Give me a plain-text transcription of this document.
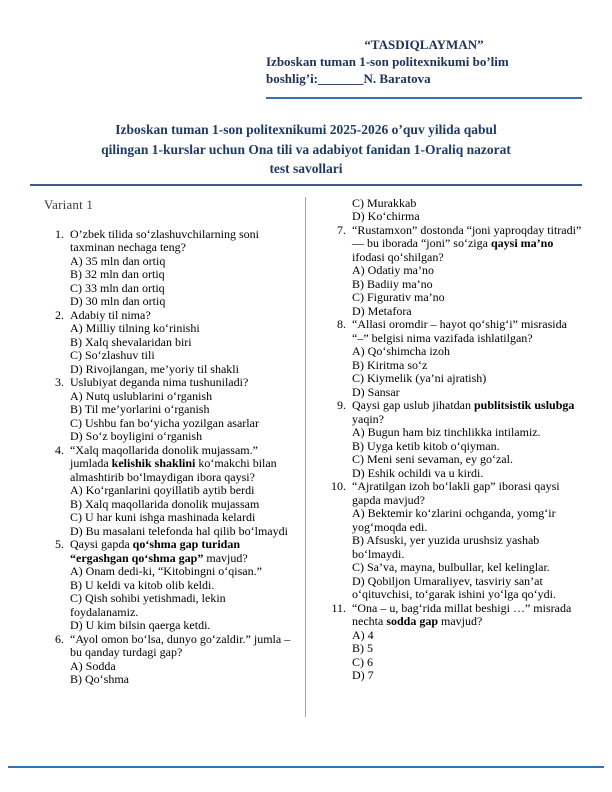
“TASDIQLAYMAN”
Izboskan tuman 1-son politexnikumi bo’lim
boshlig’i:_______N. Baratova
Izboskan tuman 1-son politexnikumi 2025-2026 o’quv yilida qabul
qilingan 1-kurslar uchun Ona tili va adabiyot fanidan 1-Oraliq nazorat
test savollari
Variant 1
1. O’zbek tilida so‘zlashuvchilarning soni taxminan nechaga teng?
A) 35 mln dan ortiq
B) 32 mln dan ortiq
C) 33 mln dan ortiq
D) 30 mln dan ortiq
2. Adabiy til nima?
A) Milliy tilning ko‘rinishi
B) Xalq shevalaridan biri
C) So‘zlashuv tili
D) Rivojlangan, me’yoriy til shakli
3. Uslubiyat deganda nima tushuniladi?
A) Nutq uslublarini o‘rganish
B) Til me’yorlarini o‘rganish
C) Ushbu fan bo‘yicha yozilgan asarlar
D) So‘z boyligini o‘rganish
4. “Xalq maqollarida donolik mujassam.” jumlada kelishik shaklini ko‘makchi bilan almashtirib bo‘lmaydigan ibora qaysi?
A) Ko‘rganlarini qoyillatib aytib berdi
B) Xalq maqollarida donolik mujassam
C) U har kuni ishga mashinada kelardi
D) Bu masalani telefonda hal qilib bo‘lmaydi
5. Qaysi gapda qo‘shma gap turidan “ergashgan qo‘shma gap” mavjud?
A) Onam dedi-ki, “Kitobingni o‘qisan.”
B) U keldi va kitob olib keldi.
C) Qish sohibi yetishmadi, lekin foydalanamiz.
D) U kim bilsin qaerga ketdi.
6. “Ayol omon bo‘lsa, dunyo go‘zaldir.” jumla – bu qanday turdagi gap?
A) Sodda
B) Qo‘shma
C) Murakkab
D) Ko‘chirma
7. “Rustamxon” dostonda “joni yaproqday titradi” — bu iborada “joni” so‘ziga qaysi ma’no ifodasi qo‘shilgan?
A) Odatiy ma’no
B) Badiiy ma’no
C) Figurativ ma’no
D) Metafora
8. “Allasi oromdir – hayot qo‘shig‘i” misrasida “–” belgisi nima vazifada ishlatilgan?
A) Qo‘shimcha izoh
B) Kiritma so‘z
C) Kiymelik (ya’ni ajratish)
D) Sansar
9. Qaysi gap uslub jihatdan publitsistik uslubga yaqin?
A) Bugun ham biz tinchlikka intilamiz.
B) Uyga ketib kitob o‘qiyman.
C) Meni seni sevaman, ey go‘zal.
D) Eshik ochildi va u kirdi.
10. “Ajratilgan izoh bo‘lakli gap” iborasi qaysi gapda mavjud?
A) Bektemir ko‘zlarini ochganda, yomg‘ir yog‘moqda edi.
B) Afsuski, yer yuzida urushsiz yashab bo‘lmaydi.
C) Sa’va, mayna, bulbullar, kel kelinglar.
D) Qobiljon Umaraliyev, tasviriy san’at o‘qituvchisi, to‘garak ishini yo‘lga qo‘ydi.
11. “Ona – u, bag‘rida millat beshigi …” misrada nechta sodda gap mavjud?
A) 4
B) 5
C) 6
D) 7
